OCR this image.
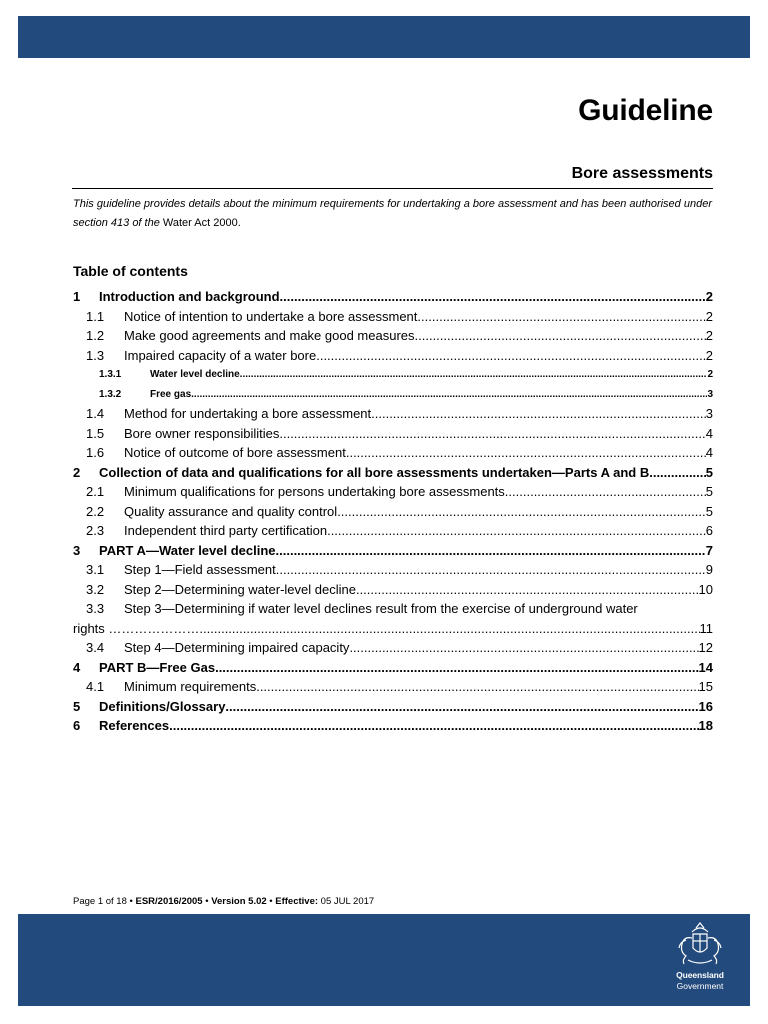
Guideline
Bore assessments
This guideline provides details about the minimum requirements for undertaking a bore assessment and has been authorised under section 413 of the Water Act 2000.
Table of contents
1	Introduction and background .....	2
1.1	Notice of intention to undertake a bore assessment .....	2
1.2	Make good agreements and make good measures .....	2
1.3	Impaired capacity of a water bore .....	2
1.3.1	Water level decline .....	2
1.3.2	Free gas .....	3
1.4	Method for undertaking a bore assessment .....	3
1.5	Bore owner responsibilities .....	4
1.6	Notice of outcome of bore assessment .....	4
2	Collection of data and qualifications for all bore assessments undertaken—Parts A and B .....	5
2.1	Minimum qualifications for persons undertaking bore assessments .....	5
2.2	Quality assurance and quality control .....	5
2.3	Independent third party certification .....	6
3	PART A—Water level decline .....	7
3.1	Step 1—Field assessment .....	9
3.2	Step 2—Determining water-level decline .....	10
3.3 Step 3—Determining if water level declines result from the exercise of underground water
rights ………………… .....	11
3.4	Step 4—Determining impaired capacity .....	12
4	PART B—Free Gas .....	14
4.1	Minimum requirements .....	15
5	Definitions/Glossary .....	16
6	References .....	18
Page 1 of 18 • ESR/2016/2005 • Version 5.02 • Effective: 05 JUL 2017
Queensland
Government
